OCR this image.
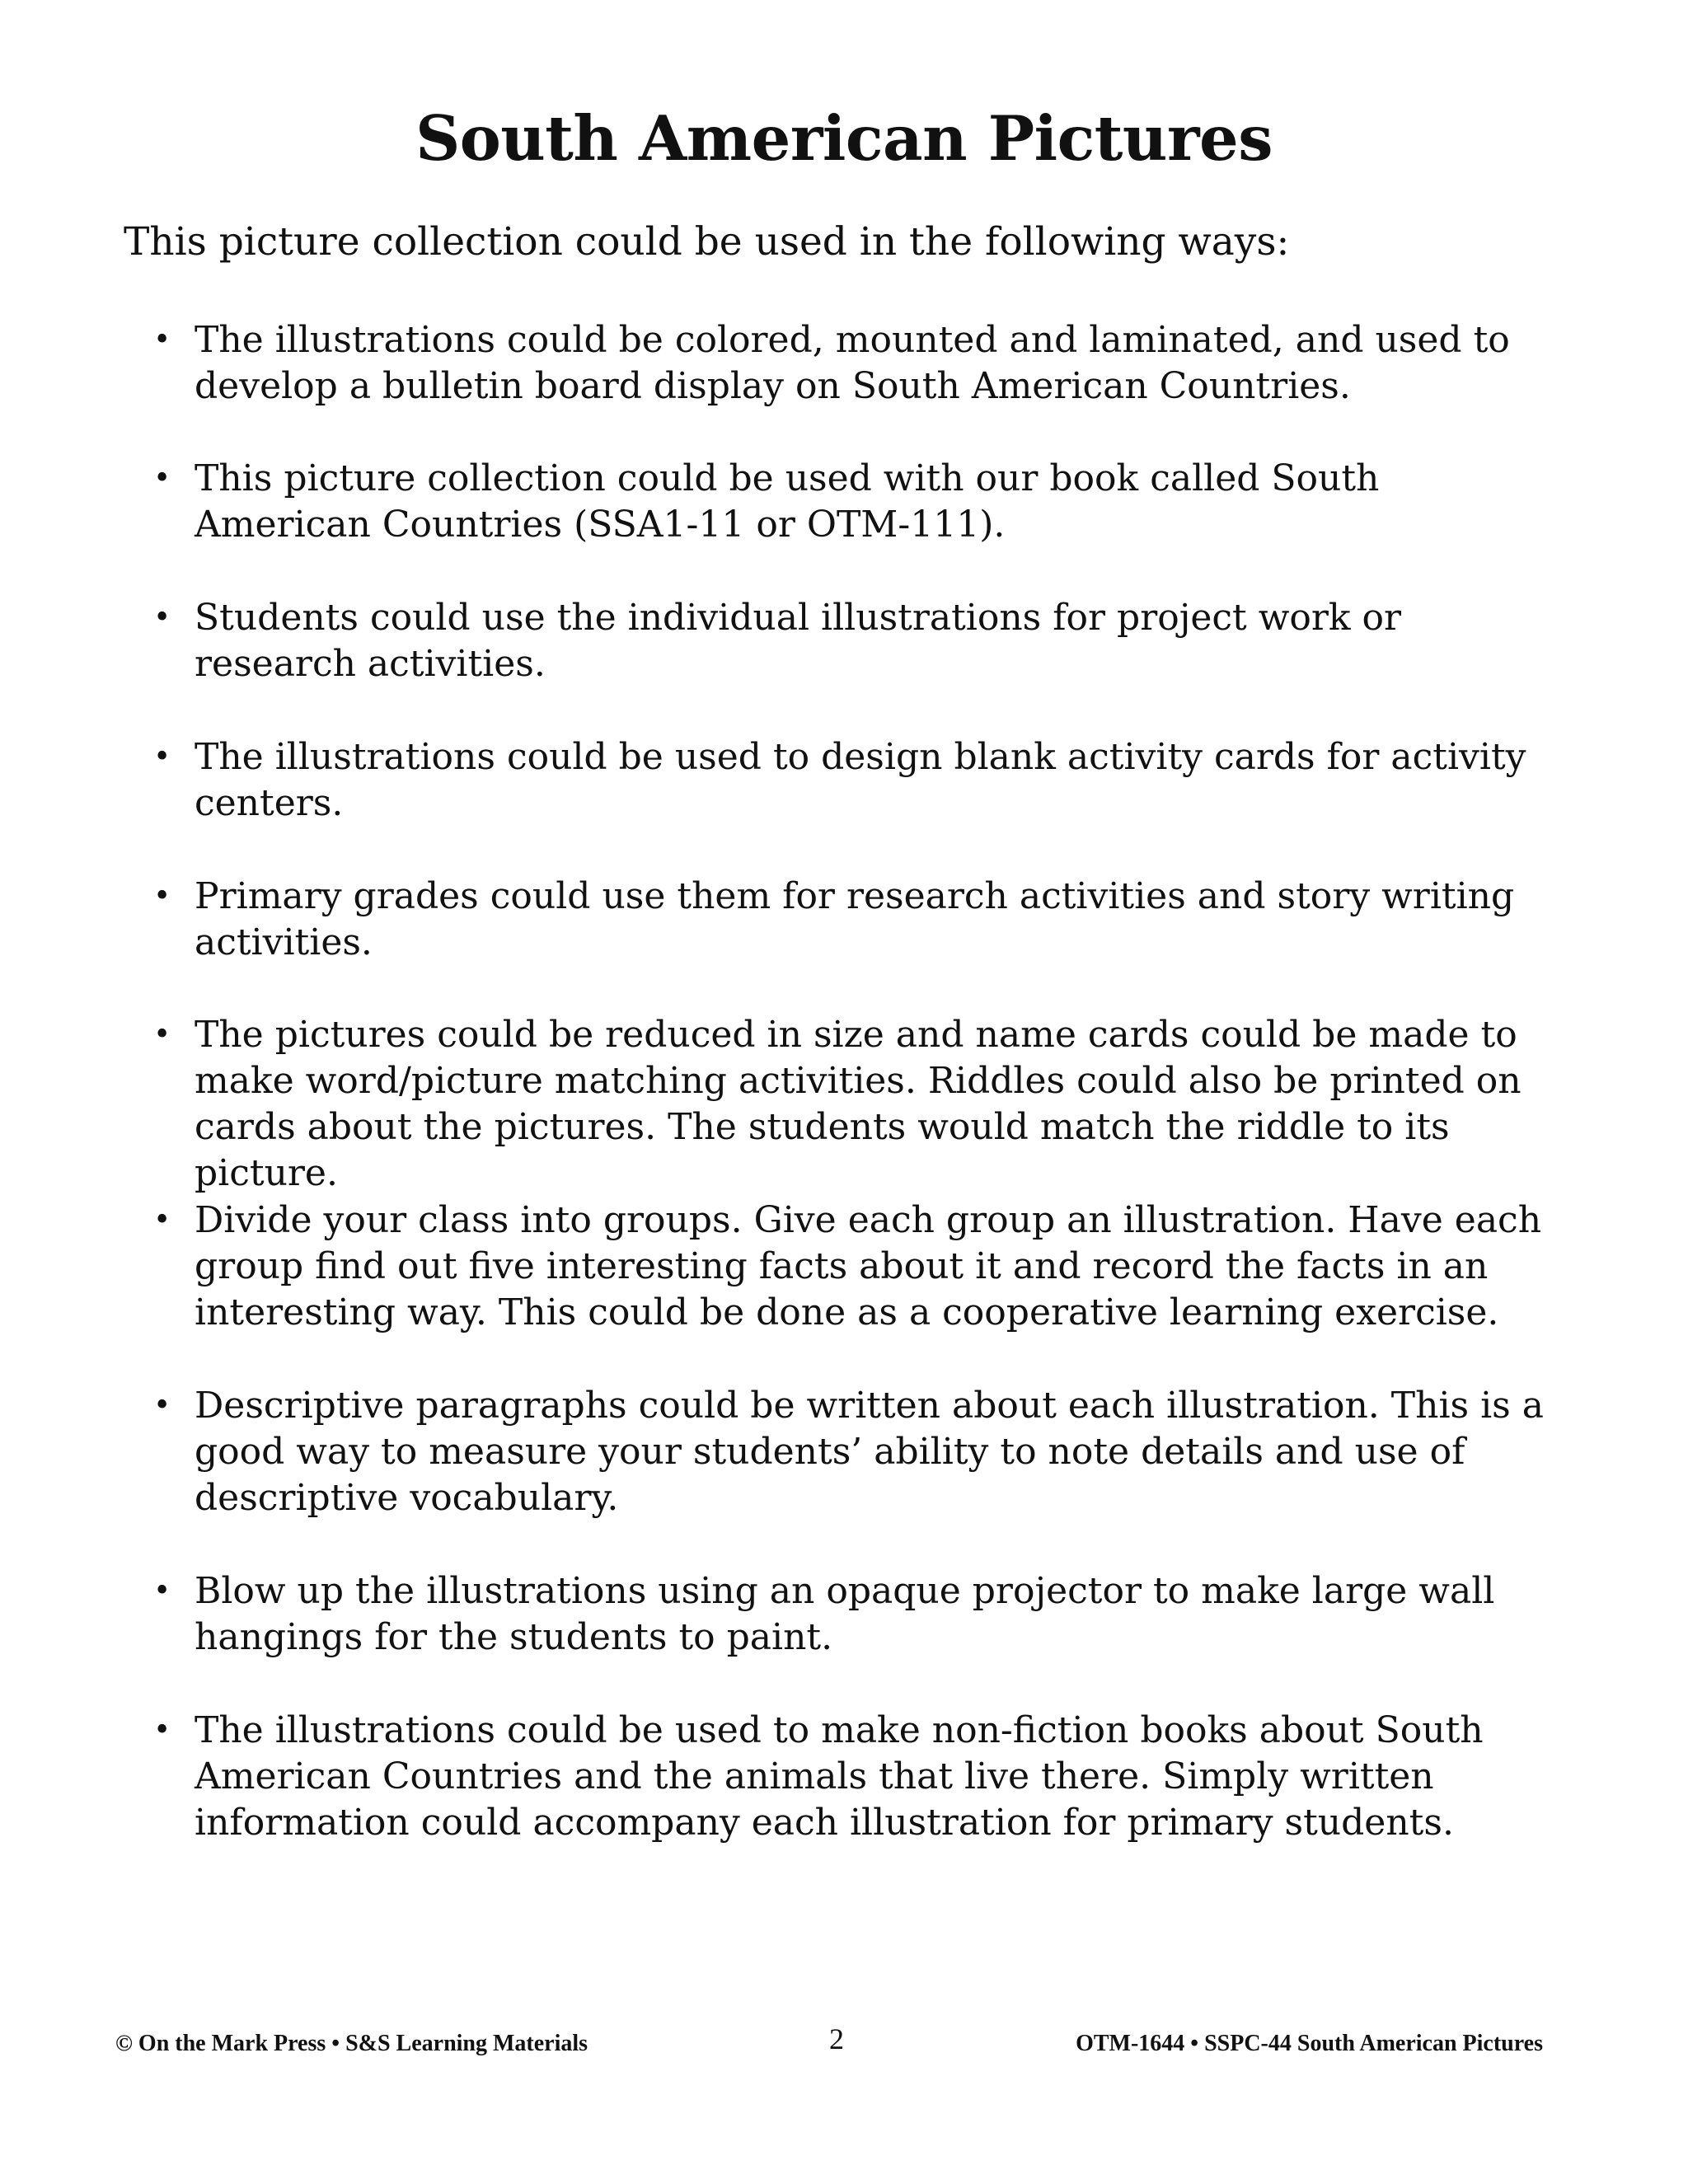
South American Pictures

This picture collection could be used in the following ways:

• The illustrations could be colored, mounted and laminated, and used to develop a bulletin board display on South American Countries.
• This picture collection could be used with our book called South American Countries (SSA1-11 or OTM-111).
• Students could use the individual illustrations for project work or research activities.
• The illustrations could be used to design blank activity cards for activity centers.
• Primary grades could use them for research activities and story writing activities.
• The pictures could be reduced in size and name cards could be made to make word/picture matching activities. Riddles could also be printed on cards about the pictures. The students would match the riddle to its picture.
• Divide your class into groups. Give each group an illustration. Have each group find out five interesting facts about it and record the facts in an interesting way. This could be done as a cooperative learning exercise.
• Descriptive paragraphs could be written about each illustration. This is a good way to measure your students’ ability to note details and use of descriptive vocabulary.
• Blow up the illustrations using an opaque projector to make large wall hangings for the students to paint.
• The illustrations could be used to make non-fiction books about South American Countries and the animals that live there. Simply written information could accompany each illustration for primary students.
© On the Mark Press • S&S Learning Materials	2	OTM-1644 • SSPC-44 South American Pictures
